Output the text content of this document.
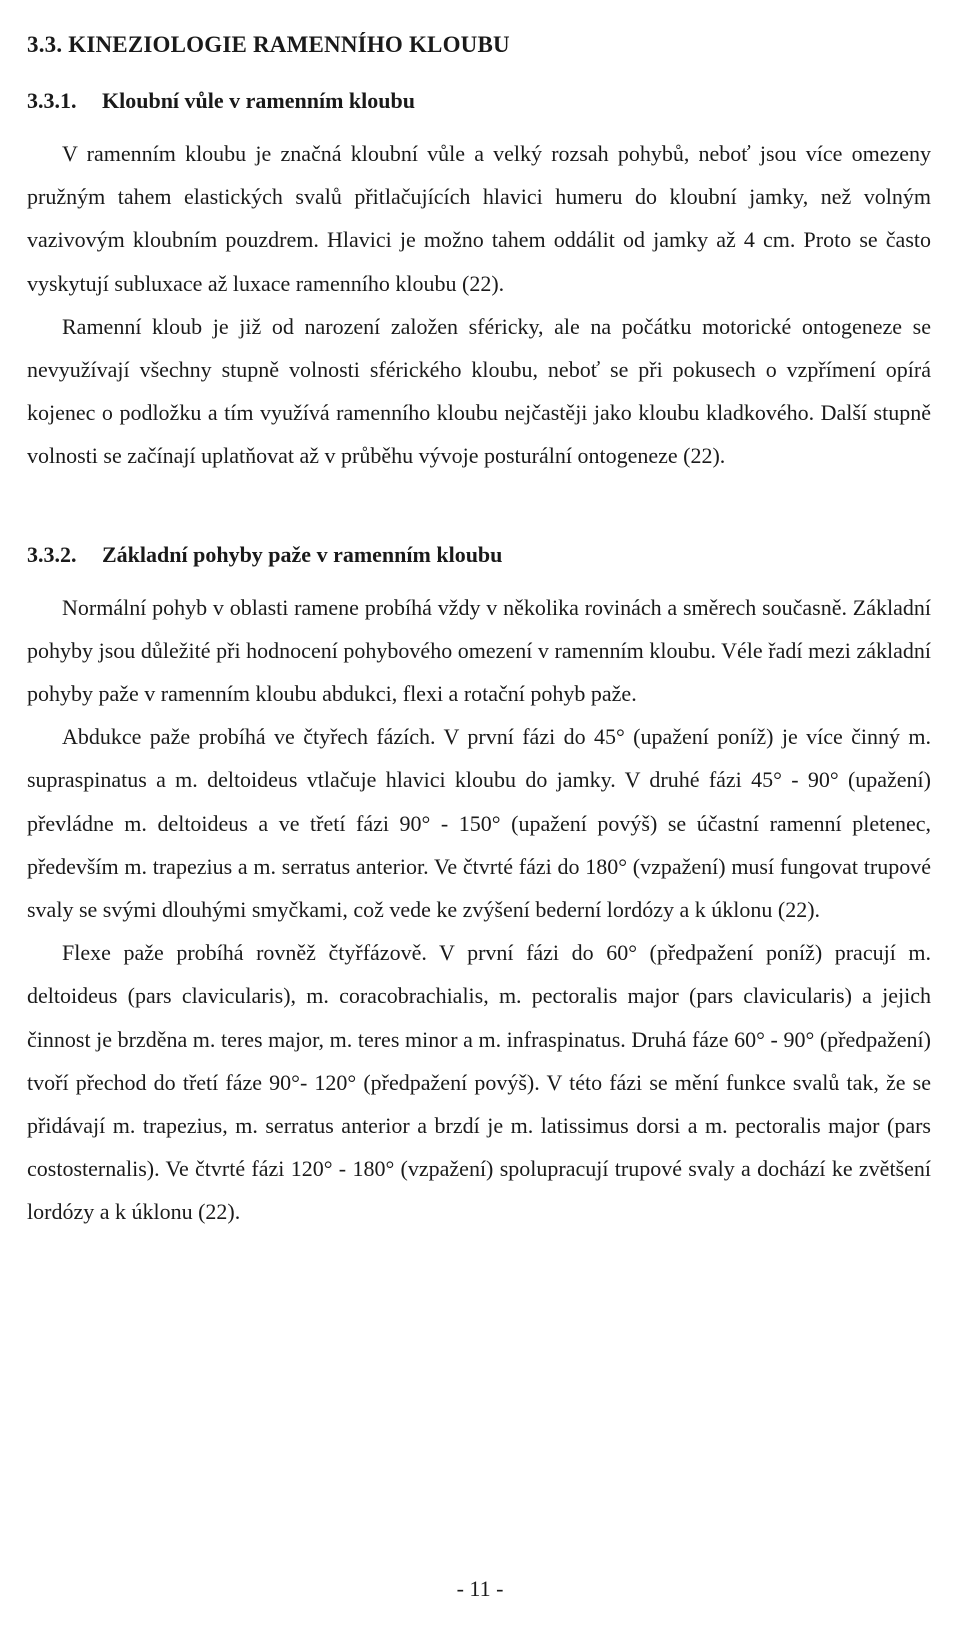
3.3. KINEZIOLOGIE RAMENNÍHO KLOUBU
3.3.1.	Kloubní vůle v ramenním kloubu

V ramenním kloubu je značná kloubní vůle a velký rozsah pohybů, neboť jsou více omezeny pružným tahem elastických svalů přitlačujících hlavici humeru do kloubní jamky, než volným vazivovým kloubním pouzdrem. Hlavici je možno tahem oddálit od jamky až 4 cm. Proto se často vyskytují subluxace až luxace ramenního kloubu (22).

Ramenní kloub je již od narození založen sféricky, ale na počátku motorické ontogeneze se nevyužívají všechny stupně volnosti sférického kloubu, neboť se při pokusech o vzpřímení opírá kojenec o podložku a tím využívá ramenního kloubu nejčastěji jako kloubu kladkového. Další stupně volnosti se začínají uplatňovat až v průběhu vývoje posturální ontogeneze (22).

3.3.2.	Základní pohyby paže v ramenním kloubu

Normální pohyb v oblasti ramene probíhá vždy v několika rovinách a směrech současně. Základní pohyby jsou důležité při hodnocení pohybového omezení v ramenním kloubu. Véle řadí mezi základní pohyby paže v ramenním kloubu abdukci, flexi a rotační pohyb paže.

Abdukce paže probíhá ve čtyřech fázích. V první fázi do 45° (upažení poníž) je více činný m. supraspinatus a m. deltoideus vtlačuje hlavici kloubu do jamky. V druhé fázi 45° - 90° (upažení) převládne m. deltoideus a ve třetí fázi 90° - 150° (upažení povýš) se účastní ramenní pletenec, především m. trapezius a m. serratus anterior. Ve čtvrté fázi do 180° (vzpažení) musí fungovat trupové svaly se svými dlouhými smyčkami, což vede ke zvýšení bederní lordózy a k úklonu (22).

Flexe paže probíhá rovněž čtyřfázově. V první fázi do 60° (předpažení poníž) pracují m. deltoideus (pars clavicularis), m. coracobrachialis, m. pectoralis major (pars clavicularis) a jejich činnost je brzděna m. teres major, m. teres minor a m. infraspinatus. Druhá fáze 60° - 90° (předpažení) tvoří přechod do třetí fáze 90°- 120° (předpažení povýš). V této fázi se mění funkce svalů tak, že se přidávají m. trapezius, m. serratus anterior a brzdí je m. latissimus dorsi a m. pectoralis major (pars costosternalis). Ve čtvrté fázi 120° - 180° (vzpažení) spolupracují trupové svaly a dochází ke zvětšení lordózy a k úklonu (22).

- 11 -
